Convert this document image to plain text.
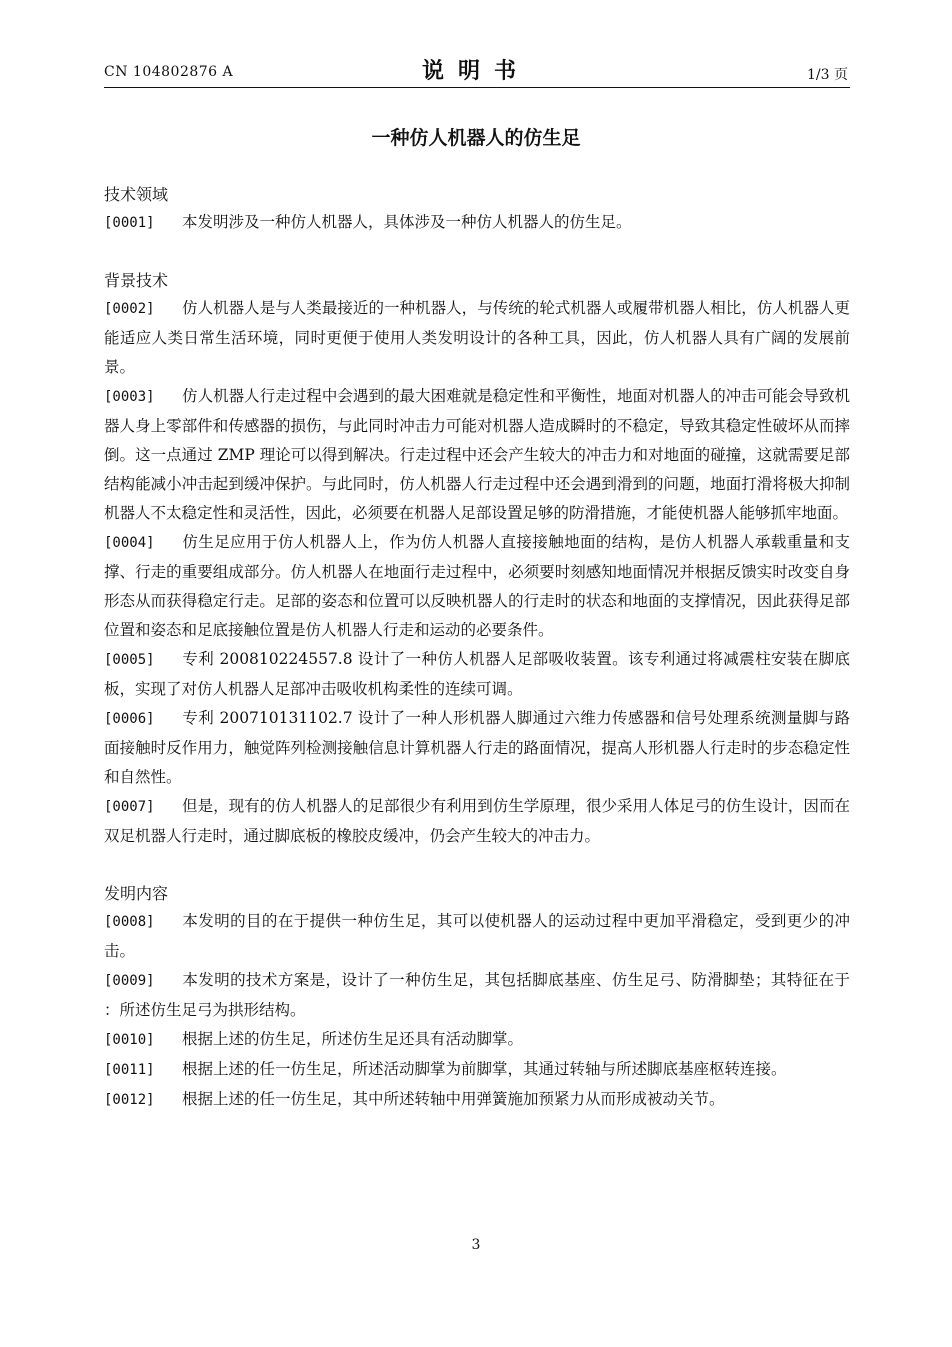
CN 104802876 A	说明书	1/3 页
一种仿人机器人的仿生足
技术领域

[0001] 本发明涉及一种仿人机器人，具体涉及一种仿人机器人的仿生足。

背景技术

[0002] 仿人机器人是与人类最接近的一种机器人，与传统的轮式机器人或履带机器人相比，仿人机器人更能适应人类日常生活环境，同时更便于使用人类发明设计的各种工具，因此，仿人机器人具有广阔的发展前景。

[0003] 仿人机器人行走过程中会遇到的最大困难就是稳定性和平衡性，地面对机器人的冲击可能会导致机器人身上零部件和传感器的损伤，与此同时冲击力可能对机器人造成瞬时的不稳定，导致其稳定性破坏从而摔倒。这一点通过 ZMP 理论可以得到解决。行走过程中还会产生较大的冲击力和对地面的碰撞，这就需要足部结构能减小冲击起到缓冲保护。与此同时，仿人机器人行走过程中还会遇到滑到的问题，地面打滑将极大抑制机器人不太稳定性和灵活性，因此，必须要在机器人足部设置足够的防滑措施，才能使机器人能够抓牢地面。

[0004] 仿生足应用于仿人机器人上，作为仿人机器人直接接触地面的结构，是仿人机器人承载重量和支撑、行走的重要组成部分。仿人机器人在地面行走过程中，必须要时刻感知地面情况并根据反馈实时改变自身形态从而获得稳定行走。足部的姿态和位置可以反映机器人的行走时的状态和地面的支撑情况，因此获得足部位置和姿态和足底接触位置是仿人机器人行走和运动的必要条件。

[0005] 专利 200810224557.8 设计了一种仿人机器人足部吸收装置。该专利通过将减震柱安装在脚底板，实现了对仿人机器人足部冲击吸收机构柔性的连续可调。

[0006] 专利 200710131102.7 设计了一种人形机器人脚通过六维力传感器和信号处理系统测量脚与路面接触时反作用力，触觉阵列检测接触信息计算机器人行走的路面情况，提高人形机器人行走时的步态稳定性和自然性。

[0007] 但是，现有的仿人机器人的足部很少有利用到仿生学原理，很少采用人体足弓的仿生设计，因而在双足机器人行走时，通过脚底板的橡胶皮缓冲，仍会产生较大的冲击力。

发明内容

[0008] 本发明的目的在于提供一种仿生足，其可以使机器人的运动过程中更加平滑稳定，受到更少的冲击。

[0009] 本发明的技术方案是，设计了一种仿生足，其包括脚底基座、仿生足弓、防滑脚垫；其特征在于 ：所述仿生足弓为拱形结构。

[0010] 根据上述的仿生足，所述仿生足还具有活动脚掌。

[0011] 根据上述的任一仿生足，所述活动脚掌为前脚掌，其通过转轴与所述脚底基座枢转连接。

[0012] 根据上述的任一仿生足，其中所述转轴中用弹簧施加预紧力从而形成被动关节。

3
